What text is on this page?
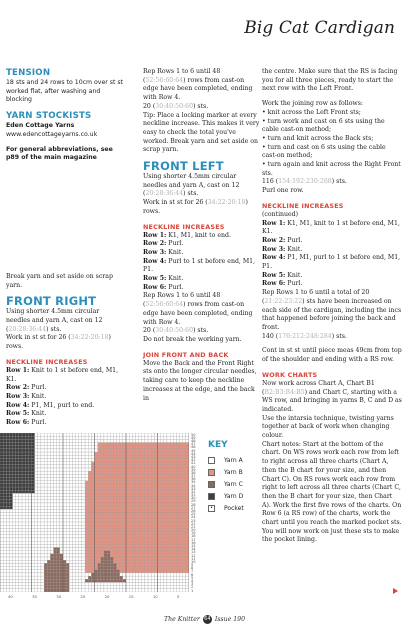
Big Cat Cardigan

TENSION

18 sts and 24 rows to 10cm over st st worked flat, after washing and blocking

YARN STOCKISTS

Eden Cottage Yarns

www.edencottageyarns.co.uk

For general abbreviations, see p89 of the main magazine

Break yarn and set aside on scrap yarn.

FRONT RIGHT

Using shorter 4.5mm circular needles and yarn A, cast on 12 (20:28:36:44) sts.

Work in st st for 26 (34:22:20:18) rows.

NECKLINE INCREASES

Row 1: Knit to 1 st before end, M1, K1.

Row 2: Purl.

Row 3: Knit.

Row 4: P1, M1, purl to end.

Row 5: Knit.

Row 6: Purl.

Rep Rows 1 to 6 until 48 (52:56:60:64) rows from cast-on edge have been completed, ending with Row 4.

20 (30:40:50:60) sts.

Tip: Place a locking marker at every neckline increase. This makes it very easy to check the total you've worked. Break yarn and set aside on scrap yarn.

FRONT LEFT

Using shorter 4.5mm circular needles and yarn A, cast on 12 (20:28:36:44) sts.

Work in st st for 26 (34:22:20:18) rows.

NECKLINE INCREASES

Row 1: K1, M1, knit to end.

Row 2: Purl.

Row 3: Knit.

Row 4: Purl to 1 st before end, M1, P1.

Row 5: Knit.

Row 6: Purl.

Rep Rows 1 to 6 until 48 (52:56:60:64) rows from cast-on edge have been completed, ending with Row 4.

20 (30:40:50:60) sts.

Do not break the working yarn.

JOIN FRONT AND BACK

Move the Back and the Front Right sts onto the longer circular needles, taking care to keep the neckline increases at the edge, and the back in

the centre. Make sure that the RS is facing you for all three pieces, ready to start the next row with the Left Front.

Work the joining row as follows:

• knit across the Left Front sts;

• turn work and cast on 6 sts using the cable cast-on method;

• turn and knit across the Back sts;

• turn and cast on 6 sts using the cable cast-on method;

• turn again and knit across the Right Front sts.

116 (154:192:230:268) sts.

Purl one row.

NECKLINE INCREASES

(continued)

Row 1: K1, M1, knit to 1 st before end, M1, K1.

Row 2: Purl.

Row 3: Knit.

Row 4: P1, M1, purl to 1 st before end, M1, P1.

Row 5: Knit.

Row 6: Purl.

Rep Rows 1 to 6 until a total of 20 (21:22:23:22) sts have been increased on each side of the cardigan, including the incs that happened before joining the back and front.

140 (176:212:248:284) sts.

Cont in st st until piece meas 49cm from top of the shoulder and ending with a RS row.

WORK CHARTS

Now work across Chart A, Chart B1 (B2:B3:B4:B5) and Chart C, starting with a WS row, and bringing in yarns B, C and D as indicated.

Use the intarsia technique, twisting yarns together at back of work when changing colour.

Chart notes: Start at the bottom of the chart. On WS rows work each row from left to right across all three charts (Chart A, then the B chart for your size, and then Chart C). On RS rows work each row from right to left across all three charts (Chart C, then the B chart for your size, then Chart A). Work the first five rows of the charts. On Row 6 (a RS row) of the charts, work the chart until you reach the marked pocket sts. You will now work on just these sts to make the pocket lining.

50
49
48
47
46
45
44
43
42
41
40
39
38
37
36
35
34
33
32
31
30
29
28
27
26
25
24
23
22
21
20
19
18
17
16
15
14
13
12
11
10
9
8
7
6
5
4
3
2
1
40	35	30	25	20	15	10	5
KEY
Yarn A
Yarn B
Yarn C
Yarn D
•	Pocket
The Knitter 64 Issue 190
